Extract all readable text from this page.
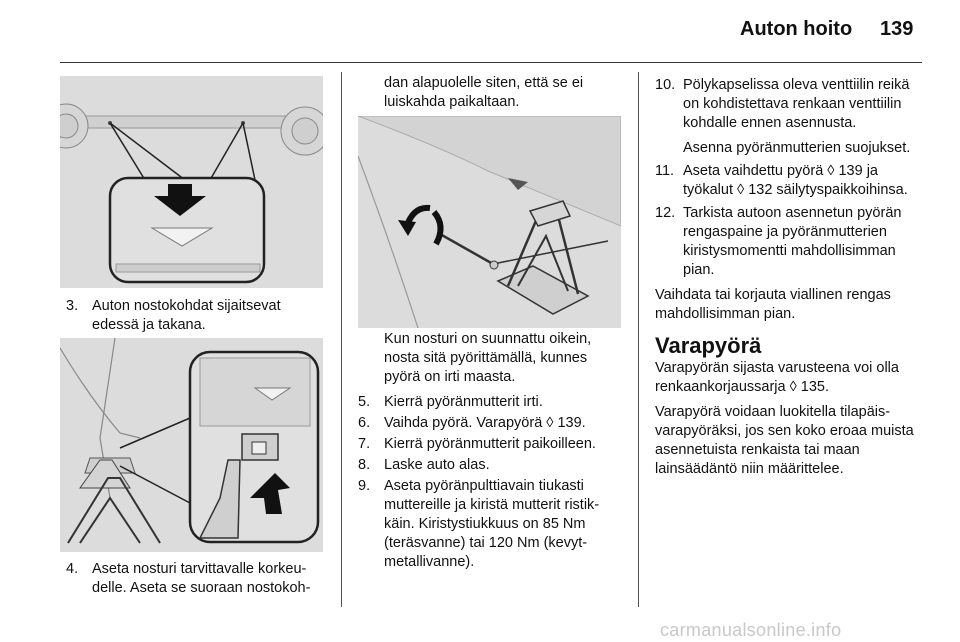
Auton hoito 139
3. Auton nostokohdat sijaitsevat edessä ja takana.
4. Aseta nosturi tarvittavalle korkeudelle. Aseta se suoraan nostokoh-
dan alapuolelle siten, että se ei luiskahda paikaltaan.
Kun nosturi on suunnattu oikein, nosta sitä pyörittämällä, kunnes pyörä on irti maasta.
5. Kierrä pyöränmutterit irti.
6. Vaihda pyörä. Varapyörä ◊ 139.
7. Kierrä pyöränmutterit paikoilleen.
8. Laske auto alas.
9. Aseta pyöränpulttiavain tiukasti muttereille ja kiristä mutterit ristikkäin. Kiristystiukkuus on 85 Nm (teräsvanne) tai 120 Nm (kevytmetallivanne).
10. Pölykapselissa oleva venttiilin reikä on kohdistettava renkaan venttiilin kohdalle ennen asennusta.
Asenna pyöränmutterien suojukset.
11. Aseta vaihdettu pyörä ◊ 139 ja työkalut ◊ 132 säilytyspaikkoihinsa.
12. Tarkista autoon asennetun pyörän rengaspaine ja pyöränmutterien kiristysmomentti mahdollisimman pian.
Vaihdata tai korjauta viallinen rengas mahdollisimman pian.
Varapyörä
Varapyörän sijasta varusteena voi olla renkaankorjaussarja ◊ 135.
Varapyörä voidaan luokitella tilapäisvarapyöräksi, jos sen koko eroaa muista asennetuista renkaista tai maan lainsäädäntö niin määrittelee.
carmanualsonline.info
